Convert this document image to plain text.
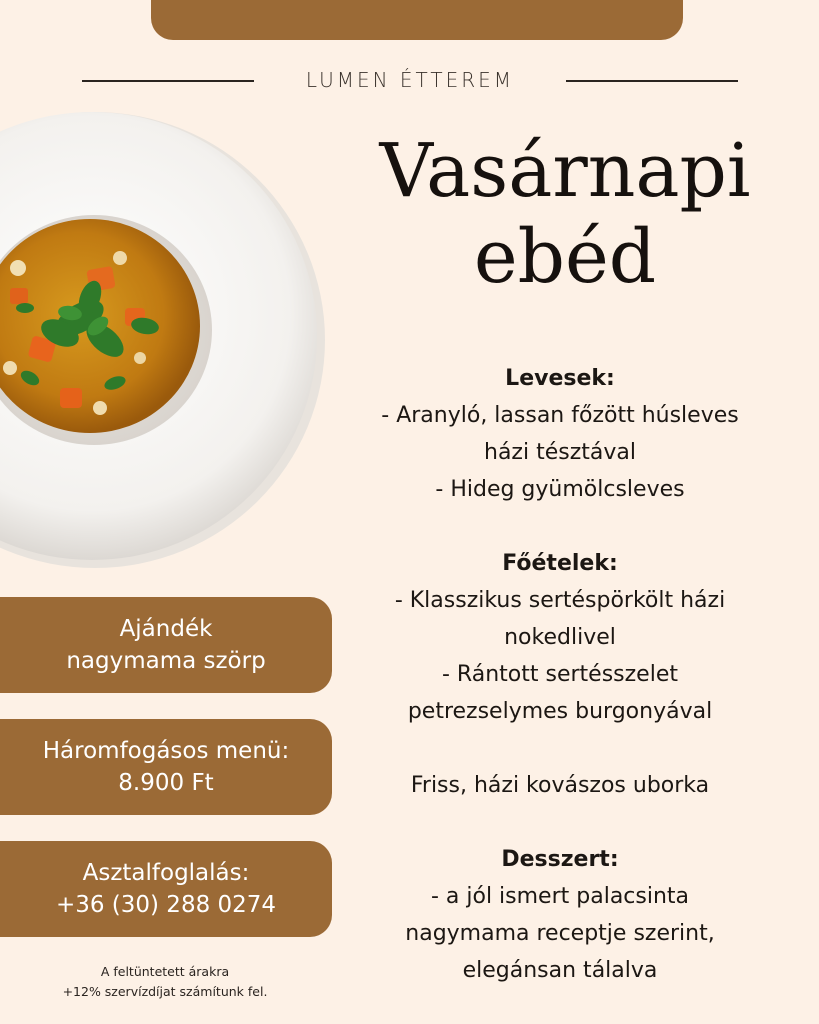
LUMEN ÉTTEREM
Vasárnapi
ebéd
Levesek:
- Aranyló, lassan főzött húsleves
házi tésztával
- Hideg gyümölcsleves
Főételek:
- Klasszikus sertéspörkölt házi
nokedlivel
- Rántott sertésszelet
petrezselymes burgonyával
Friss, házi kovászos uborka
Desszert:
- a jól ismert palacsinta
nagymama receptje szerint,
elegánsan tálalva
Ajándék
nagymama szörp
Háromfogásos menü:
8.900 Ft
Asztalfoglalás:
+36 (30) 288 0274
A feltüntetett árakra
+12% szervízdíjat számítunk fel.
